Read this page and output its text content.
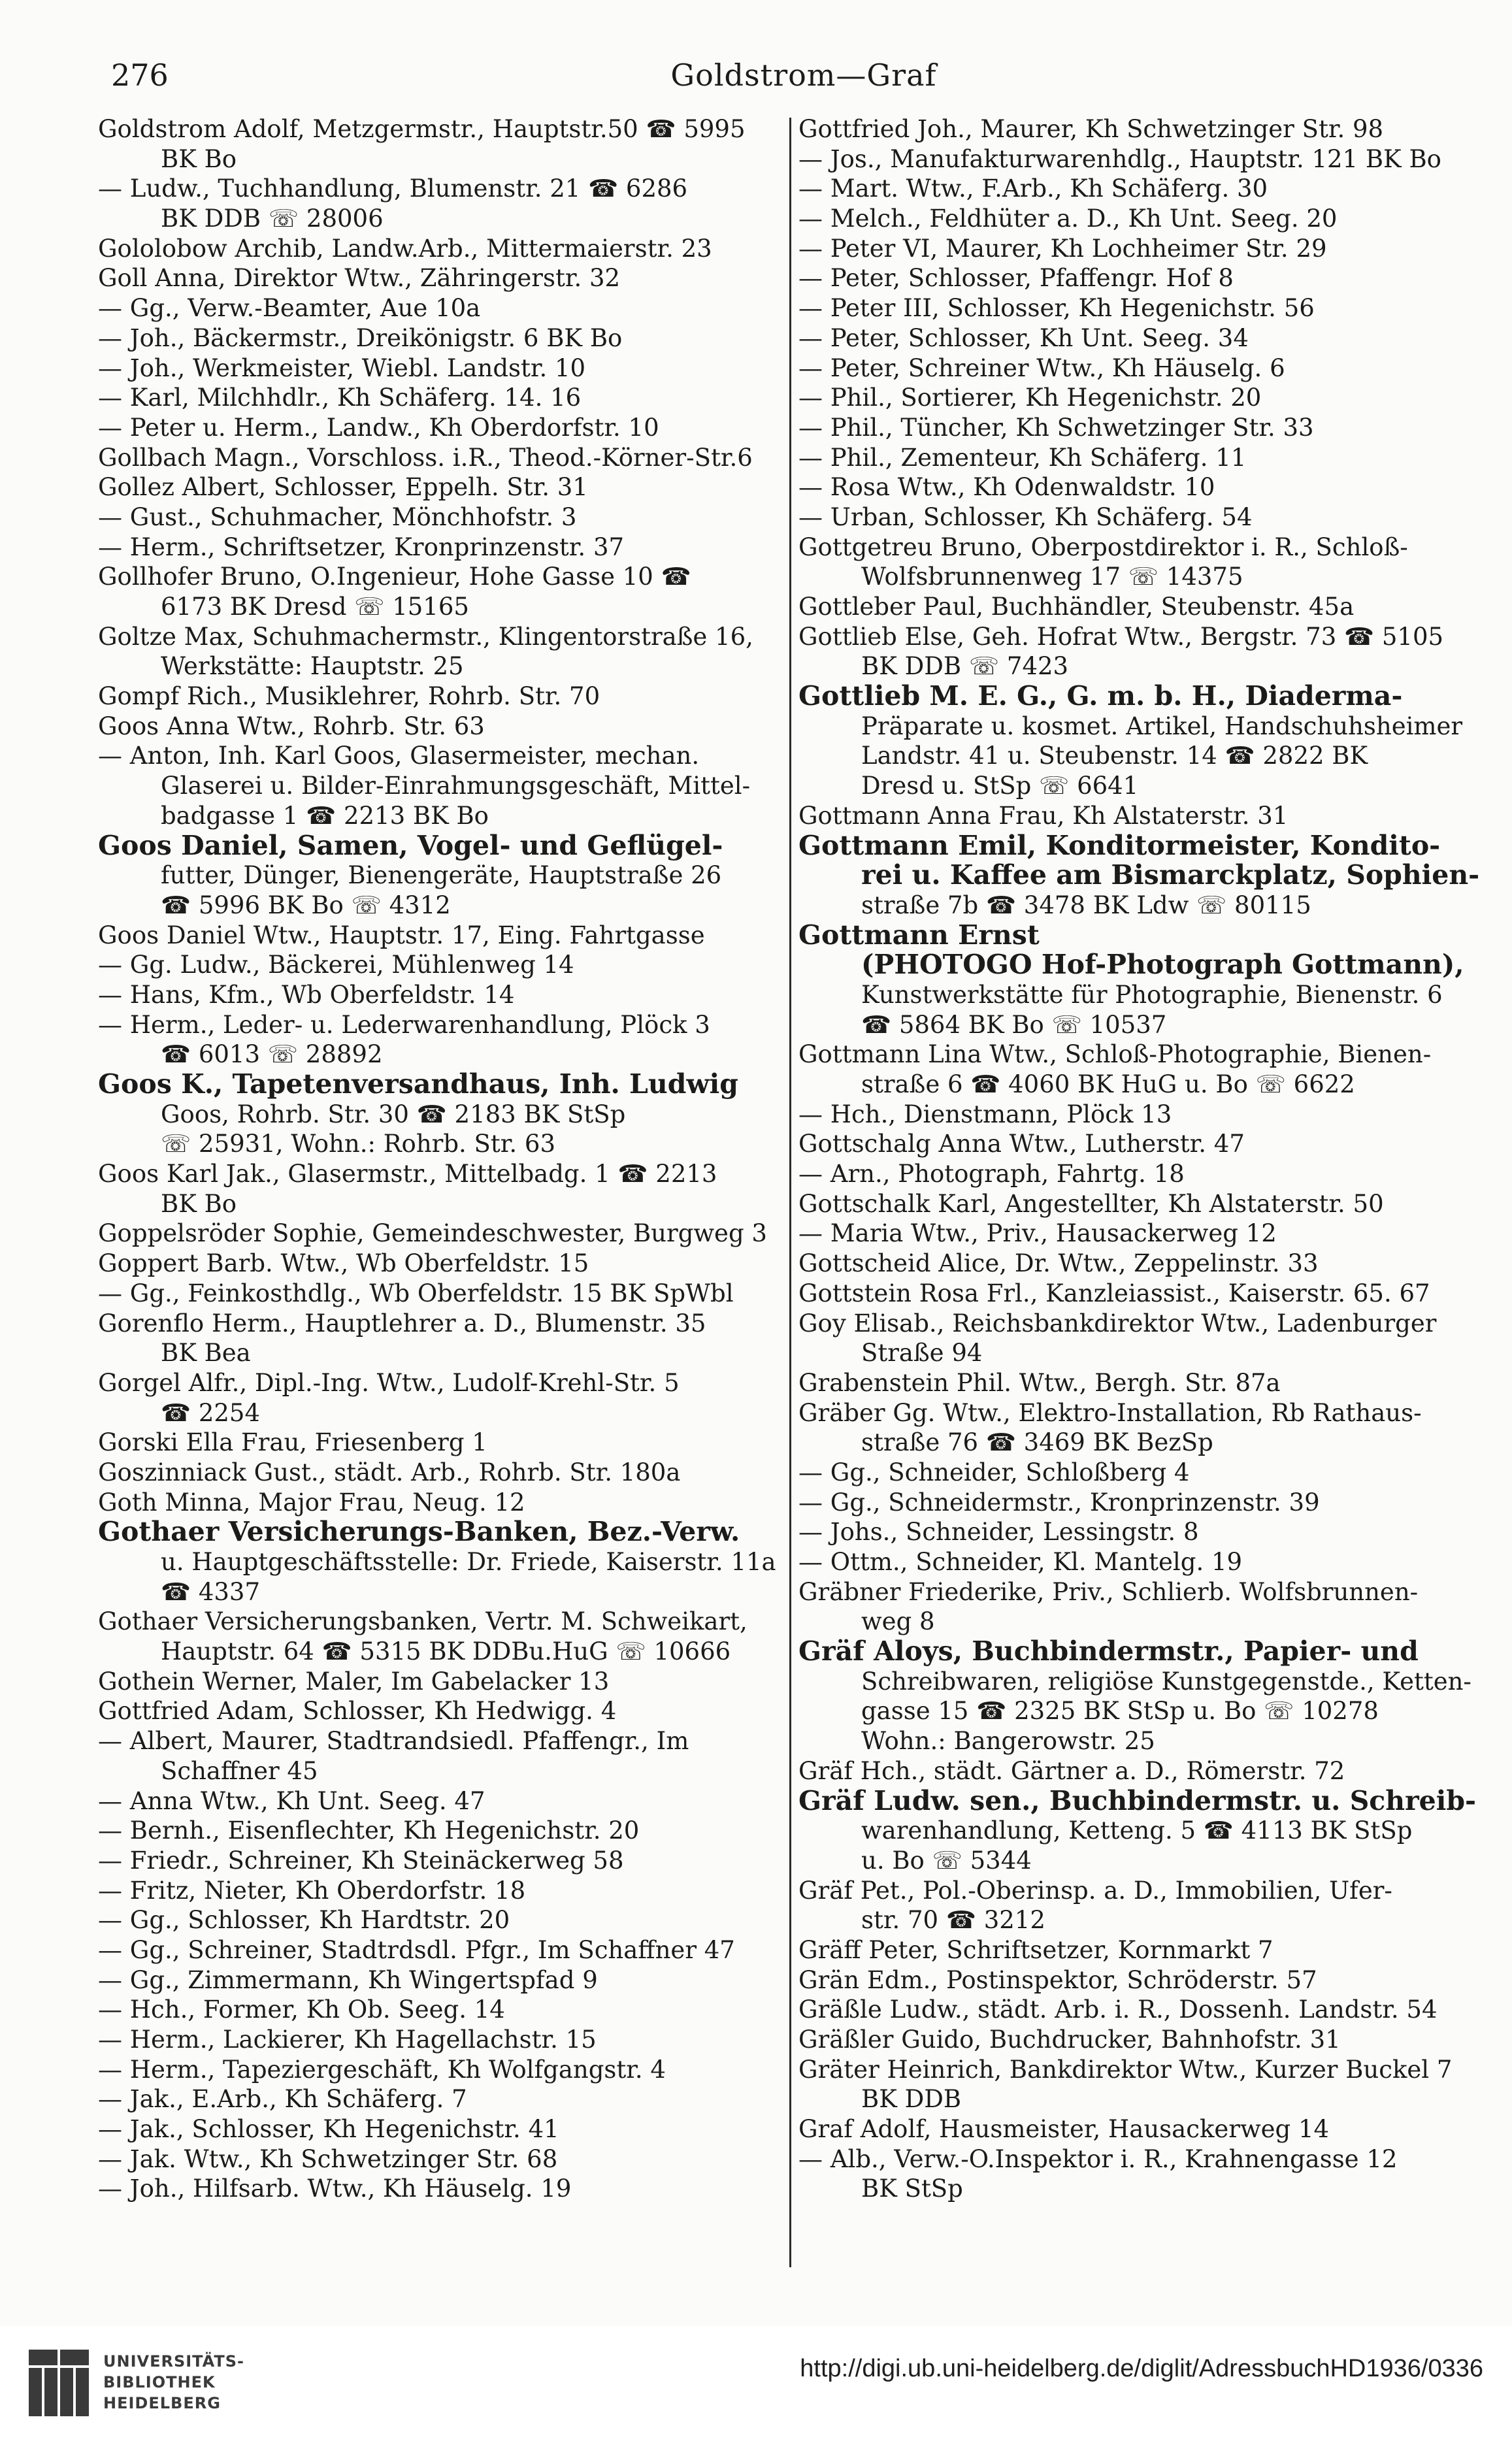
276	Goldstrom—Graf
Goldstrom Adolf, Metzgermstr., Hauptstr.50 ☎ 5995
BK Bo
— Ludw., Tuchhandlung, Blumenstr. 21 ☎ 6286
BK DDB ☏ 28006
Gololobow Archib, Landw.Arb., Mittermaierstr. 23
Goll Anna, Direktor Wtw., Zähringerstr. 32
— Gg., Verw.-Beamter, Aue 10a
— Joh., Bäckermstr., Dreikönigstr. 6 BK Bo
— Joh., Werkmeister, Wiebl. Landstr. 10
— Karl, Milchhdlr., Kh Schäferg. 14. 16
— Peter u. Herm., Landw., Kh Oberdorfstr. 10
Gollbach Magn., Vorschloss. i.R., Theod.-Körner-Str.6
Gollez Albert, Schlosser, Eppelh. Str. 31
— Gust., Schuhmacher, Mönchhofstr. 3
— Herm., Schriftsetzer, Kronprinzenstr. 37
Gollhofer Bruno, O.Ingenieur, Hohe Gasse 10 ☎
6173 BK Dresd ☏ 15165
Goltze Max, Schuhmachermstr., Klingentorstraße 16,
Werkstätte: Hauptstr. 25
Gompf Rich., Musiklehrer, Rohrb. Str. 70
Goos Anna Wtw., Rohrb. Str. 63
— Anton, Inh. Karl Goos, Glasermeister, mechan.
Glaserei u. Bilder-Einrahmungsgeschäft, Mittel-
badgasse 1 ☎ 2213 BK Bo
Goos Daniel, Samen, Vogel- und Geflügel-
futter, Dünger, Bienengeräte, Hauptstraße 26
☎ 5996 BK Bo ☏ 4312
Goos Daniel Wtw., Hauptstr. 17, Eing. Fahrtgasse
— Gg. Ludw., Bäckerei, Mühlenweg 14
— Hans, Kfm., Wb Oberfeldstr. 14
— Herm., Leder- u. Lederwarenhandlung, Plöck 3
☎ 6013 ☏ 28892
Goos K., Tapetenversandhaus, Inh. Ludwig
Goos, Rohrb. Str. 30 ☎ 2183 BK StSp
☏ 25931, Wohn.: Rohrb. Str. 63
Goos Karl Jak., Glasermstr., Mittelbadg. 1 ☎ 2213
BK Bo
Goppelsröder Sophie, Gemeindeschwester, Burgweg 3
Goppert Barb. Wtw., Wb Oberfeldstr. 15
— Gg., Feinkosthdlg., Wb Oberfeldstr. 15 BK SpWbl
Gorenflo Herm., Hauptlehrer a. D., Blumenstr. 35
BK Bea
Gorgel Alfr., Dipl.-Ing. Wtw., Ludolf-Krehl-Str. 5
☎ 2254
Gorski Ella Frau, Friesenberg 1
Goszinniack Gust., städt. Arb., Rohrb. Str. 180a
Goth Minna, Major Frau, Neug. 12
Gothaer Versicherungs-Banken, Bez.-Verw.
u. Hauptgeschäftsstelle: Dr. Friede, Kaiserstr. 11a
☎ 4337
Gothaer Versicherungsbanken, Vertr. M. Schweikart,
Hauptstr. 64 ☎ 5315 BK DDBu.HuG ☏ 10666
Gothein Werner, Maler, Im Gabelacker 13
Gottfried Adam, Schlosser, Kh Hedwigg. 4
— Albert, Maurer, Stadtrandsiedl. Pfaffengr., Im
Schaffner 45
— Anna Wtw., Kh Unt. Seeg. 47
— Bernh., Eisenflechter, Kh Hegenichstr. 20
— Friedr., Schreiner, Kh Steinäckerweg 58
— Fritz, Nieter, Kh Oberdorfstr. 18
— Gg., Schlosser, Kh Hardtstr. 20
— Gg., Schreiner, Stadtrdsdl. Pfgr., Im Schaffner 47
— Gg., Zimmermann, Kh Wingertspfad 9
— Hch., Former, Kh Ob. Seeg. 14
— Herm., Lackierer, Kh Hagellachstr. 15
— Herm., Tapeziergeschäft, Kh Wolfgangstr. 4
— Jak., E.Arb., Kh Schäferg. 7
— Jak., Schlosser, Kh Hegenichstr. 41
— Jak. Wtw., Kh Schwetzinger Str. 68
— Joh., Hilfsarb. Wtw., Kh Häuselg. 19
Gottfried Joh., Maurer, Kh Schwetzinger Str. 98
— Jos., Manufakturwarenhdlg., Hauptstr. 121 BK Bo
— Mart. Wtw., F.Arb., Kh Schäferg. 30
— Melch., Feldhüter a. D., Kh Unt. Seeg. 20
— Peter VI, Maurer, Kh Lochheimer Str. 29
— Peter, Schlosser, Pfaffengr. Hof 8
— Peter III, Schlosser, Kh Hegenichstr. 56
— Peter, Schlosser, Kh Unt. Seeg. 34
— Peter, Schreiner Wtw., Kh Häuselg. 6
— Phil., Sortierer, Kh Hegenichstr. 20
— Phil., Tüncher, Kh Schwetzinger Str. 33
— Phil., Zementeur, Kh Schäferg. 11
— Rosa Wtw., Kh Odenwaldstr. 10
— Urban, Schlosser, Kh Schäferg. 54
Gottgetreu Bruno, Oberpostdirektor i. R., Schloß-
Wolfsbrunnenweg 17 ☏ 14375
Gottleber Paul, Buchhändler, Steubenstr. 45a
Gottlieb Else, Geh. Hofrat Wtw., Bergstr. 73 ☎ 5105
BK DDB ☏ 7423
Gottlieb M. E. G., G. m. b. H., Diaderma-
Präparate u. kosmet. Artikel, Handschuhsheimer
Landstr. 41 u. Steubenstr. 14 ☎ 2822 BK
Dresd u. StSp ☏ 6641
Gottmann Anna Frau, Kh Alstaterstr. 31
Gottmann Emil, Konditormeister, Kondito-
rei u. Kaffee am Bismarckplatz, Sophien-
straße 7b ☎ 3478 BK Ldw ☏ 80115
Gottmann Ernst
(PHOTOGO Hof-Photograph Gottmann),
Kunstwerkstätte für Photographie, Bienenstr. 6
☎ 5864 BK Bo ☏ 10537
Gottmann Lina Wtw., Schloß-Photographie, Bienen-
straße 6 ☎ 4060 BK HuG u. Bo ☏ 6622
— Hch., Dienstmann, Plöck 13
Gottschalg Anna Wtw., Lutherstr. 47
— Arn., Photograph, Fahrtg. 18
Gottschalk Karl, Angestellter, Kh Alstaterstr. 50
— Maria Wtw., Priv., Hausackerweg 12
Gottscheid Alice, Dr. Wtw., Zeppelinstr. 33
Gottstein Rosa Frl., Kanzleiassist., Kaiserstr. 65. 67
Goy Elisab., Reichsbankdirektor Wtw., Ladenburger
Straße 94
Grabenstein Phil. Wtw., Bergh. Str. 87a
Gräber Gg. Wtw., Elektro-Installation, Rb Rathaus-
straße 76 ☎ 3469 BK BezSp
— Gg., Schneider, Schloßberg 4
— Gg., Schneidermstr., Kronprinzenstr. 39
— Johs., Schneider, Lessingstr. 8
— Ottm., Schneider, Kl. Mantelg. 19
Gräbner Friederike, Priv., Schlierb. Wolfsbrunnen-
weg 8
Gräf Aloys, Buchbindermstr., Papier- und
Schreibwaren, religiöse Kunstgegenstde., Ketten-
gasse 15 ☎ 2325 BK StSp u. Bo ☏ 10278
Wohn.: Bangerowstr. 25
Gräf Hch., städt. Gärtner a. D., Römerstr. 72
Gräf Ludw. sen., Buchbindermstr. u. Schreib-
warenhandlung, Ketteng. 5 ☎ 4113 BK StSp
u. Bo ☏ 5344
Gräf Pet., Pol.-Oberinsp. a. D., Immobilien, Ufer-
str. 70 ☎ 3212
Gräff Peter, Schriftsetzer, Kornmarkt 7
Grän Edm., Postinspektor, Schröderstr. 57
Gräßle Ludw., städt. Arb. i. R., Dossenh. Landstr. 54
Gräßler Guido, Buchdrucker, Bahnhofstr. 31
Gräter Heinrich, Bankdirektor Wtw., Kurzer Buckel 7
BK DDB
Graf Adolf, Hausmeister, Hausackerweg 14
— Alb., Verw.-O.Inspektor i. R., Krahnengasse 12
BK StSp
UNIVERSITÄTS-
BIBLIOTHEK
HEIDELBERG
http://digi.ub.uni-heidelberg.de/diglit/AdressbuchHD1936/0336
